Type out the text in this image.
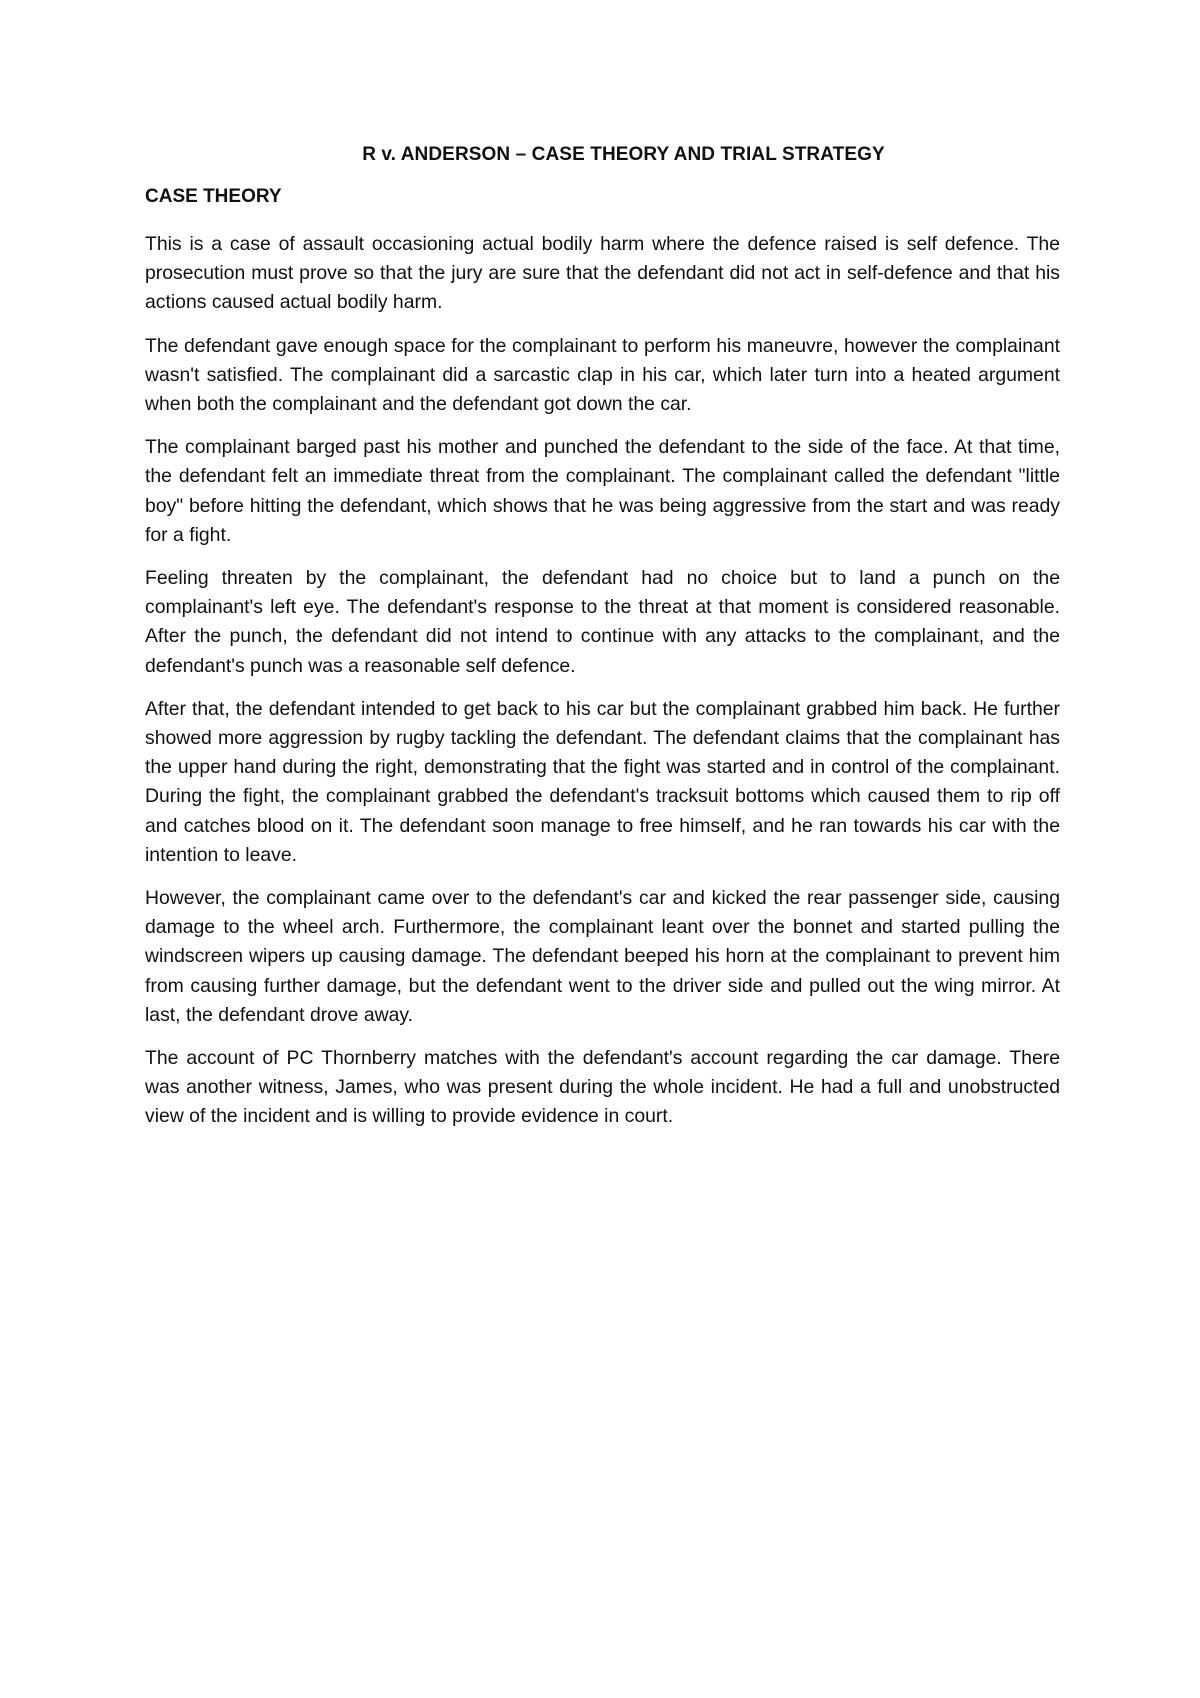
R v. ANDERSON – CASE THEORY AND TRIAL STRATEGY
CASE THEORY

This is a case of assault occasioning actual bodily harm where the defence raised is self defence. The prosecution must prove so that the jury are sure that the defendant did not act in self-defence and that his actions caused actual bodily harm.

The defendant gave enough space for the complainant to perform his maneuvre, however the complainant wasn't satisfied. The complainant did a sarcastic clap in his car, which later turn into a heated argument when both the complainant and the defendant got down the car.

The complainant barged past his mother and punched the defendant to the side of the face. At that time, the defendant felt an immediate threat from the complainant. The complainant called the defendant "little boy" before hitting the defendant, which shows that he was being aggressive from the start and was ready for a fight.

Feeling threaten by the complainant, the defendant had no choice but to land a punch on the complainant's left eye. The defendant's response to the threat at that moment is considered reasonable. After the punch, the defendant did not intend to continue with any attacks to the complainant, and the defendant's punch was a reasonable self defence.

After that, the defendant intended to get back to his car but the complainant grabbed him back. He further showed more aggression by rugby tackling the defendant. The defendant claims that the complainant has the upper hand during the right, demonstrating that the fight was started and in control of the complainant. During the fight, the complainant grabbed the defendant's tracksuit bottoms which caused them to rip off and catches blood on it. The defendant soon manage to free himself, and he ran towards his car with the intention to leave.

However, the complainant came over to the defendant's car and kicked the rear passenger side, causing damage to the wheel arch. Furthermore, the complainant leant over the bonnet and started pulling the windscreen wipers up causing damage. The defendant beeped his horn at the complainant to prevent him from causing further damage, but the defendant went to the driver side and pulled out the wing mirror. At last, the defendant drove away.

The account of PC Thornberry matches with the defendant's account regarding the car damage. There was another witness, James, who was present during the whole incident. He had a full and unobstructed view of the incident and is willing to provide evidence in court.
